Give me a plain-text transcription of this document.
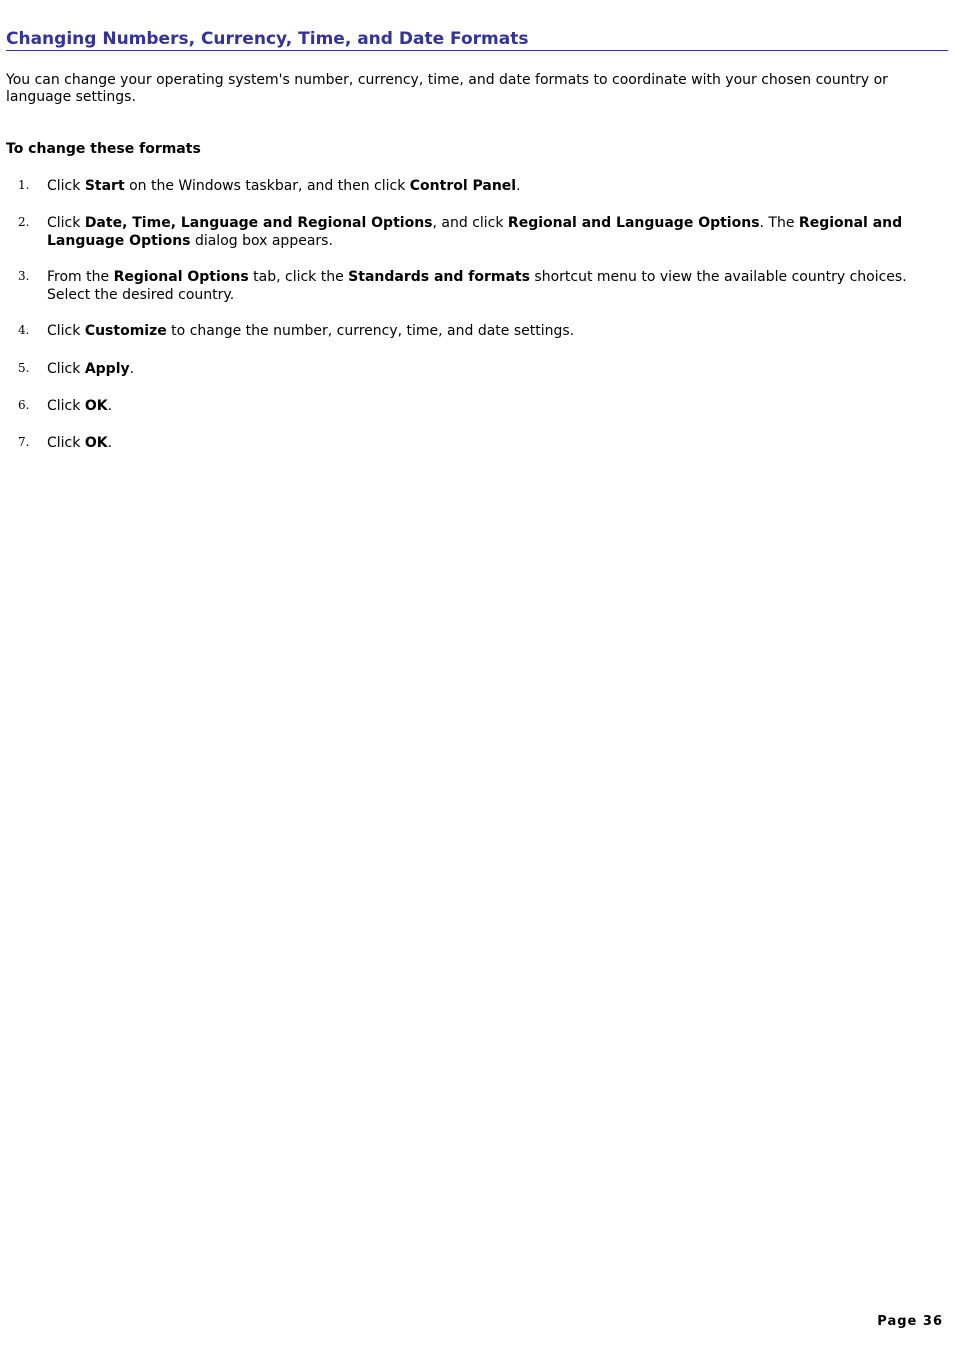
Changing Numbers, Currency, Time, and Date Formats

You can change your operating system's number, currency, time, and date formats to coordinate with your chosen country or language settings.

To change these formats

1. Click Start on the Windows taskbar, and then click Control Panel.

2. Click Date, Time, Language and Regional Options, and click Regional and Language Options. The Regional and Language Options dialog box appears.

3. From the Regional Options tab, click the Standards and formats shortcut menu to view the available country choices. Select the desired country.

4. Click Customize to change the number, currency, time, and date settings.

5. Click Apply.

6. Click OK.

7. Click OK.

Page 36
